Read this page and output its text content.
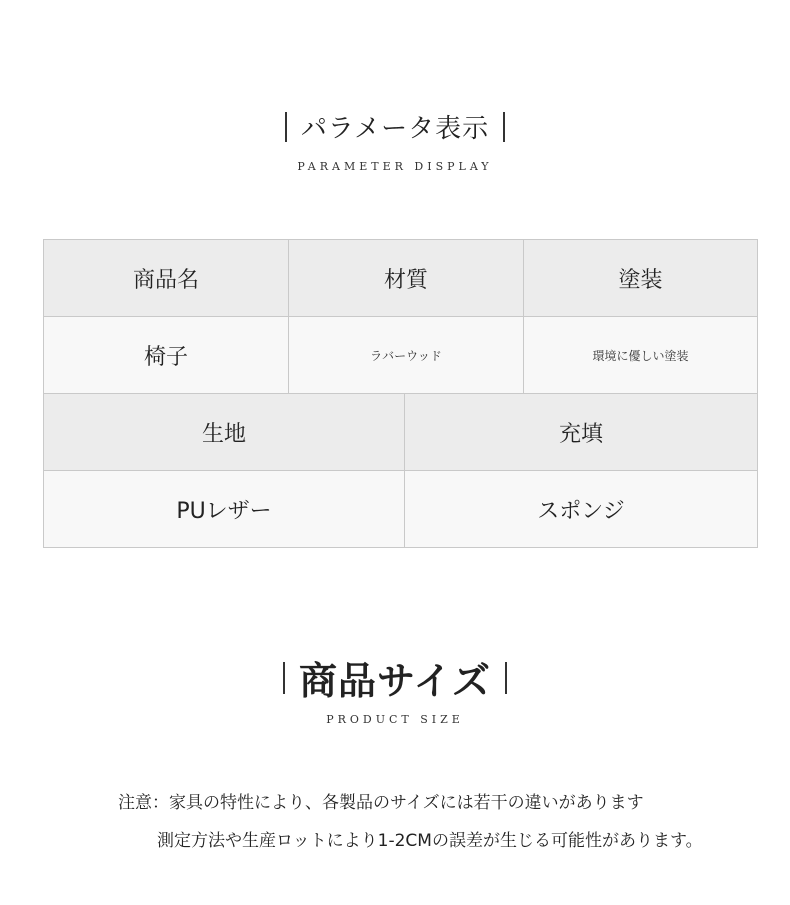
パラメータ表示
PARAMETER DISPLAY
商品名	材質		塗装
椅子	ラバーウッド		環境に優しい塗装
生地		充填	
PUレザー		スポンジ	
商品サイズ
PRODUCT SIZE
注意：家具の特性により、各製品のサイズには若干の違いがあります
測定方法や生産ロットにより1-2CMの誤差が生じる可能性があります。
